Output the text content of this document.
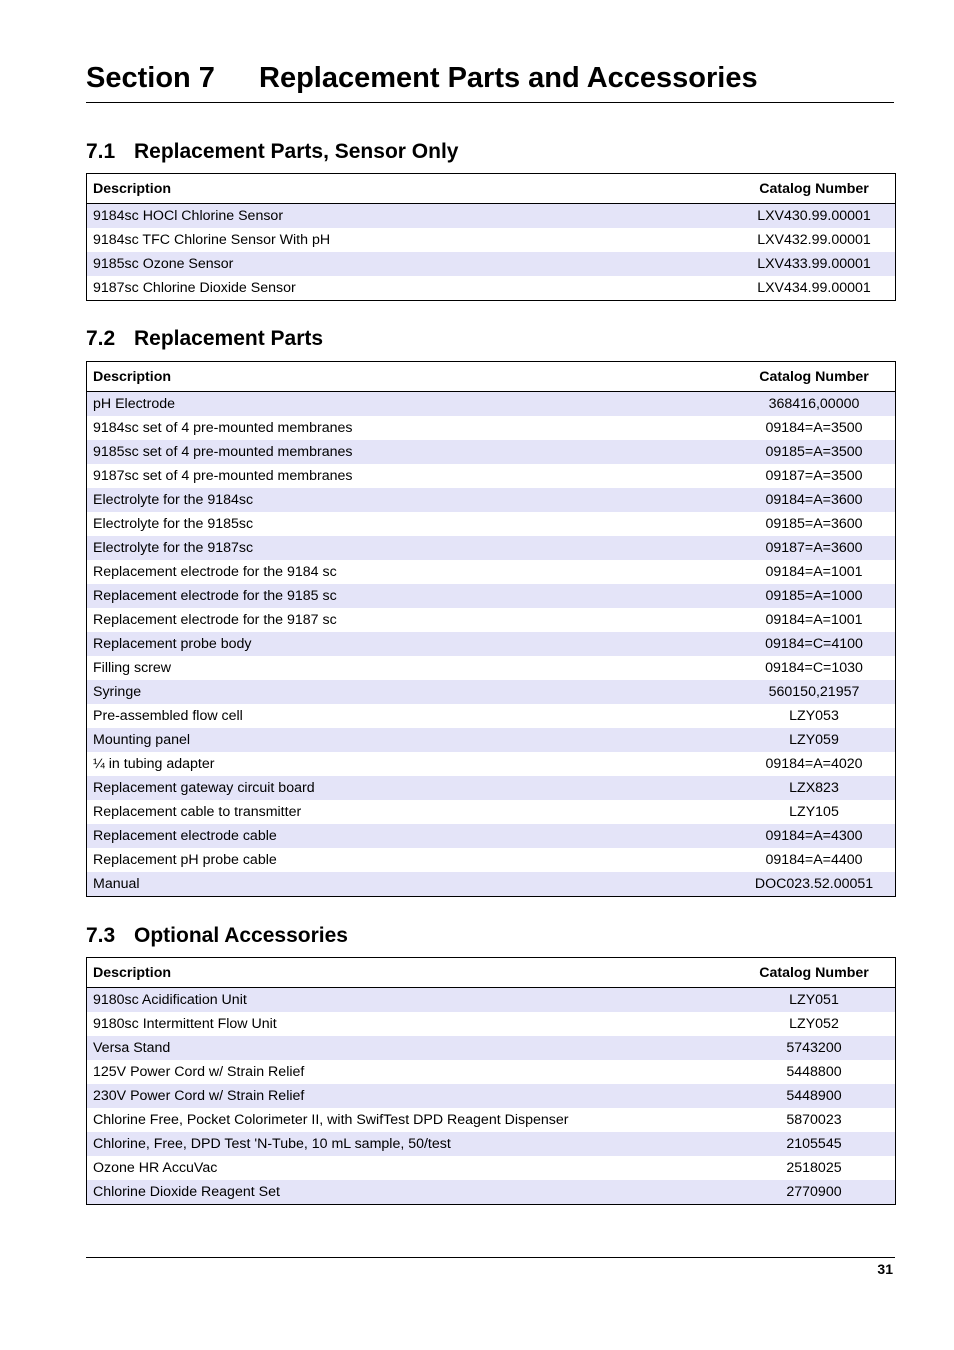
Section 7 Replacement Parts and Accessories
7.1 Replacement Parts, Sensor Only
Description	Catalog Number
9184sc HOCl Chlorine Sensor	LXV430.99.00001
9184sc TFC Chlorine Sensor With pH	LXV432.99.00001
9185sc Ozone Sensor	LXV433.99.00001
9187sc Chlorine Dioxide Sensor	LXV434.99.00001
7.2 Replacement Parts
Description	Catalog Number
pH Electrode	368416,00000
9184sc set of 4 pre-mounted membranes	09184=A=3500
9185sc set of 4 pre-mounted membranes	09185=A=3500
9187sc set of 4 pre-mounted membranes	09187=A=3500
Electrolyte for the 9184sc	09184=A=3600
Electrolyte for the 9185sc	09185=A=3600
Electrolyte for the 9187sc	09187=A=3600
Replacement electrode for the 9184 sc	09184=A=1001
Replacement electrode for the 9185 sc	09185=A=1000
Replacement electrode for the 9187 sc	09184=A=1001
Replacement probe body	09184=C=4100
Filling screw	09184=C=1030
Syringe	560150,21957
Pre-assembled flow cell	LZY053
Mounting panel	LZY059
¼ in tubing adapter	09184=A=4020
Replacement gateway circuit board	LZX823
Replacement cable to transmitter	LZY105
Replacement electrode cable	09184=A=4300
Replacement pH probe cable	09184=A=4400
Manual	DOC023.52.00051
7.3 Optional Accessories
Description	Catalog Number
9180sc Acidification Unit	LZY051
9180sc Intermittent Flow Unit	LZY052
Versa Stand	5743200
125V Power Cord w/ Strain Relief	5448800
230V Power Cord w/ Strain Relief	5448900
Chlorine Free, Pocket Colorimeter II, with SwifTest DPD Reagent Dispenser	5870023
Chlorine, Free, DPD Test 'N-Tube, 10 mL sample, 50/test	2105545
Ozone HR AccuVac	2518025
Chlorine Dioxide Reagent Set	2770900
31
